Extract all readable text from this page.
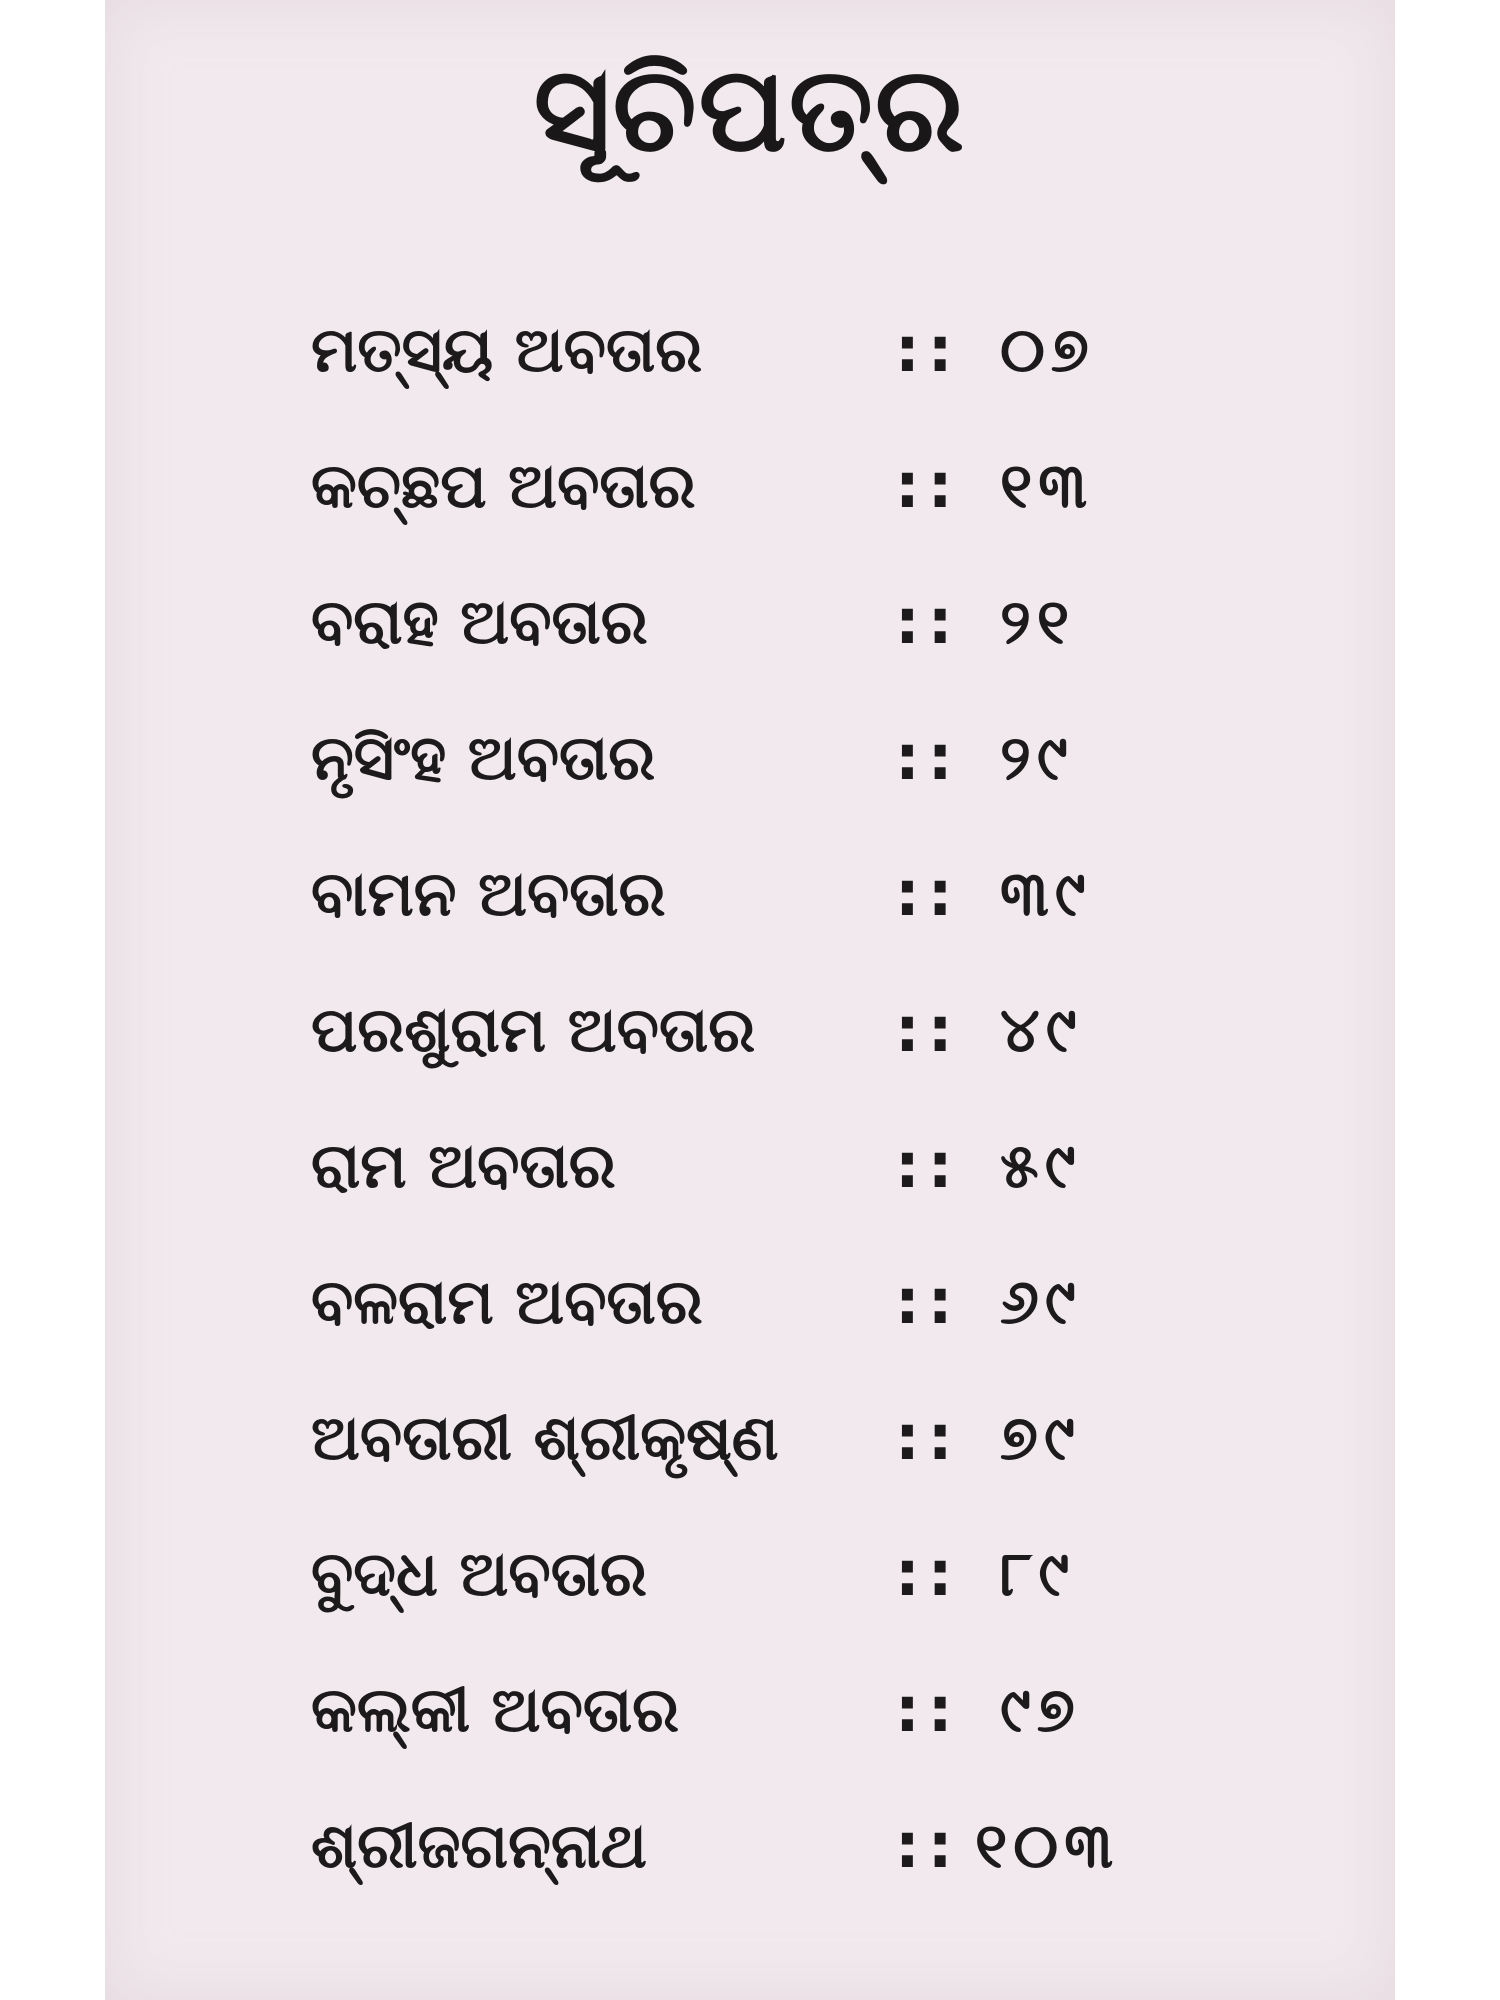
ସୂଚିପତ୍ର
ମତ୍ସ୍ୟ ଅବତାର	:: ୦୭
କଚ୍ଛପ ଅବତାର	:: ୧୩
ବରାହ ଅବତାର	:: ୨୧
ନୃସିଂହ ଅବତାର	:: ୨୯
ବାମନ ଅବତାର	:: ୩୯
ପରଶୁରାମ ଅବତାର :: ୪୯
ରାମ ଅବତାର	:: ୫୯
ବଳରାମ ଅବତାର	:: ୬୯
ଅବତାରୀ ଶ୍ରୀକୃଷ୍ଣ :: ୭୯
ବୁଦ୍ଧ ଅବତାର	:: ୮୯
କଲ୍କୀ ଅବତାର	:: ୯୭
ଶ୍ରୀଜଗନ୍ନାଥ	:: ୧୦୩
